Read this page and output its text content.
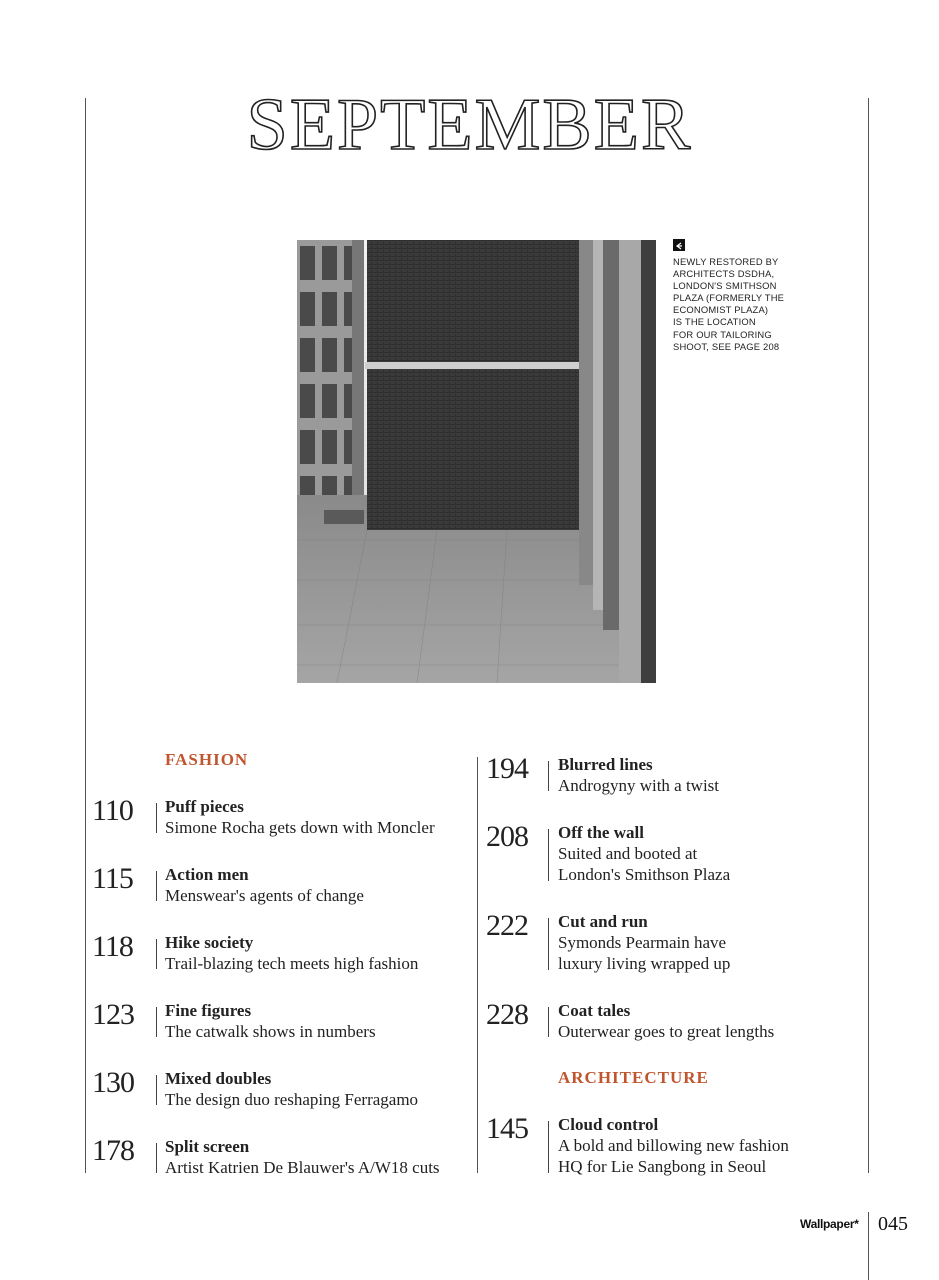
SEPTEMBER
NEWLY RESTORED BY
ARCHITECTS DSDHA,
LONDON'S SMITHSON
PLAZA (FORMERLY THE
ECONOMIST PLAZA)
IS THE LOCATION
FOR OUR TAILORING
SHOOT, SEE PAGE 208
FASHION
ARCHITECTURE
110 Puff pieces
Simone Rocha gets down with Moncler
115 Action men
Menswear's agents of change
118 Hike society
Trail-blazing tech meets high fashion
123 Fine figures
The catwalk shows in numbers
130 Mixed doubles
The design duo reshaping Ferragamo
178 Split screen
Artist Katrien De Blauwer's A/W18 cuts
194 Blurred lines
Androgyny with a twist
208 Off the wall
Suited and booted at
London's Smithson Plaza
222 Cut and run
Symonds Pearmain have
luxury living wrapped up
228 Coat tales
Outerwear goes to great lengths
145 Cloud control
A bold and billowing new fashion
HQ for Lie Sangbong in Seoul
Wallpaper* 045
